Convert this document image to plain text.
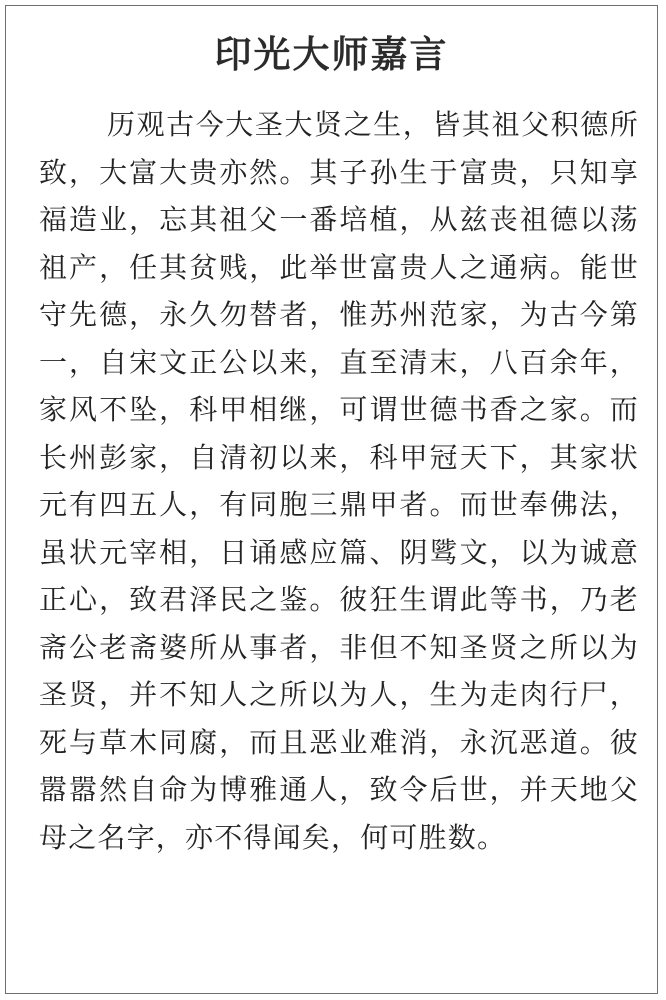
印光大师嘉言

历观古今大圣大贤之生，皆其祖父积德所致，大富大贵亦然。其子孙生于富贵，只知享福造业，忘其祖父一番培植，从兹丧祖德以荡祖产，任其贫贱，此举世富贵人之通病。能世守先德，永久勿替者，惟苏州范家，为古今第一，自宋文正公以来，直至清末，八百余年，家风不坠，科甲相继，可谓世德书香之家。而长州彭家，自清初以来，科甲冠天下，其家状元有四五人，有同胞三鼎甲者。而世奉佛法，虽状元宰相，日诵感应篇、阴骘文，以为诚意正心，致君泽民之鉴。彼狂生谓此等书，乃老斋公老斋婆所从事者，非但不知圣贤之所以为圣贤，并不知人之所以为人，生为走肉行尸，死与草木同腐，而且恶业难消，永沉恶道。彼嚣嚣然自命为博雅通人，致令后世，并天地父母之名字，亦不得闻矣，何可胜数。
